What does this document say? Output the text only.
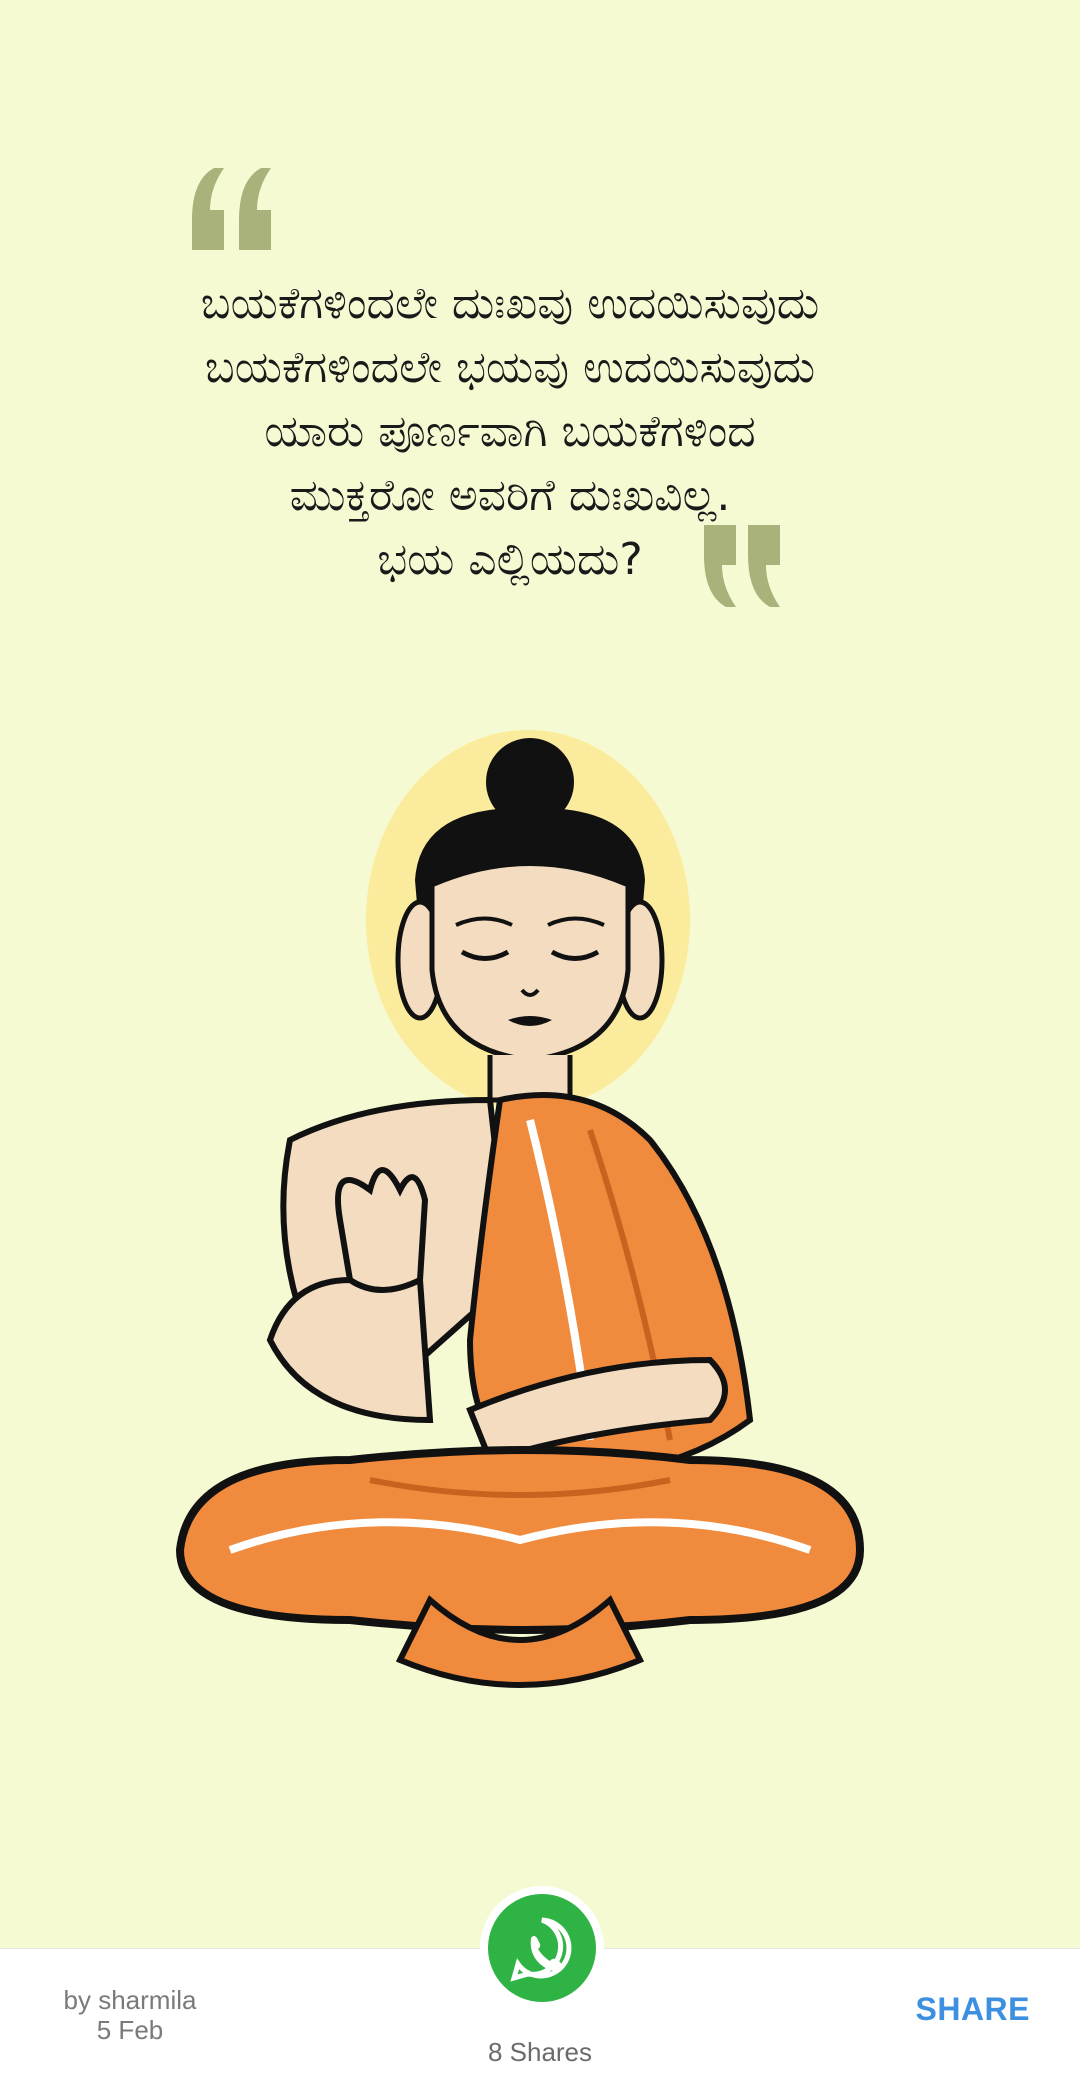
ಬಯಕೆಗಳಿಂದಲೇ ದುಃಖವು ಉದಯಿಸುವುದು
ಬಯಕೆಗಳಿಂದಲೇ ಭಯವು ಉದಯಿಸುವುದು
ಯಾರು ಪೂರ್ಣವಾಗಿ ಬಯಕೆಗಳಿಂದ
ಮುಕ್ತರೋ ಅವರಿಗೆ ದುಃಖವಿಲ್ಲ.
ಭಯ ಎಲ್ಲಿಯದು?
by sharmila
5 Feb
8 Shares
SHARE
